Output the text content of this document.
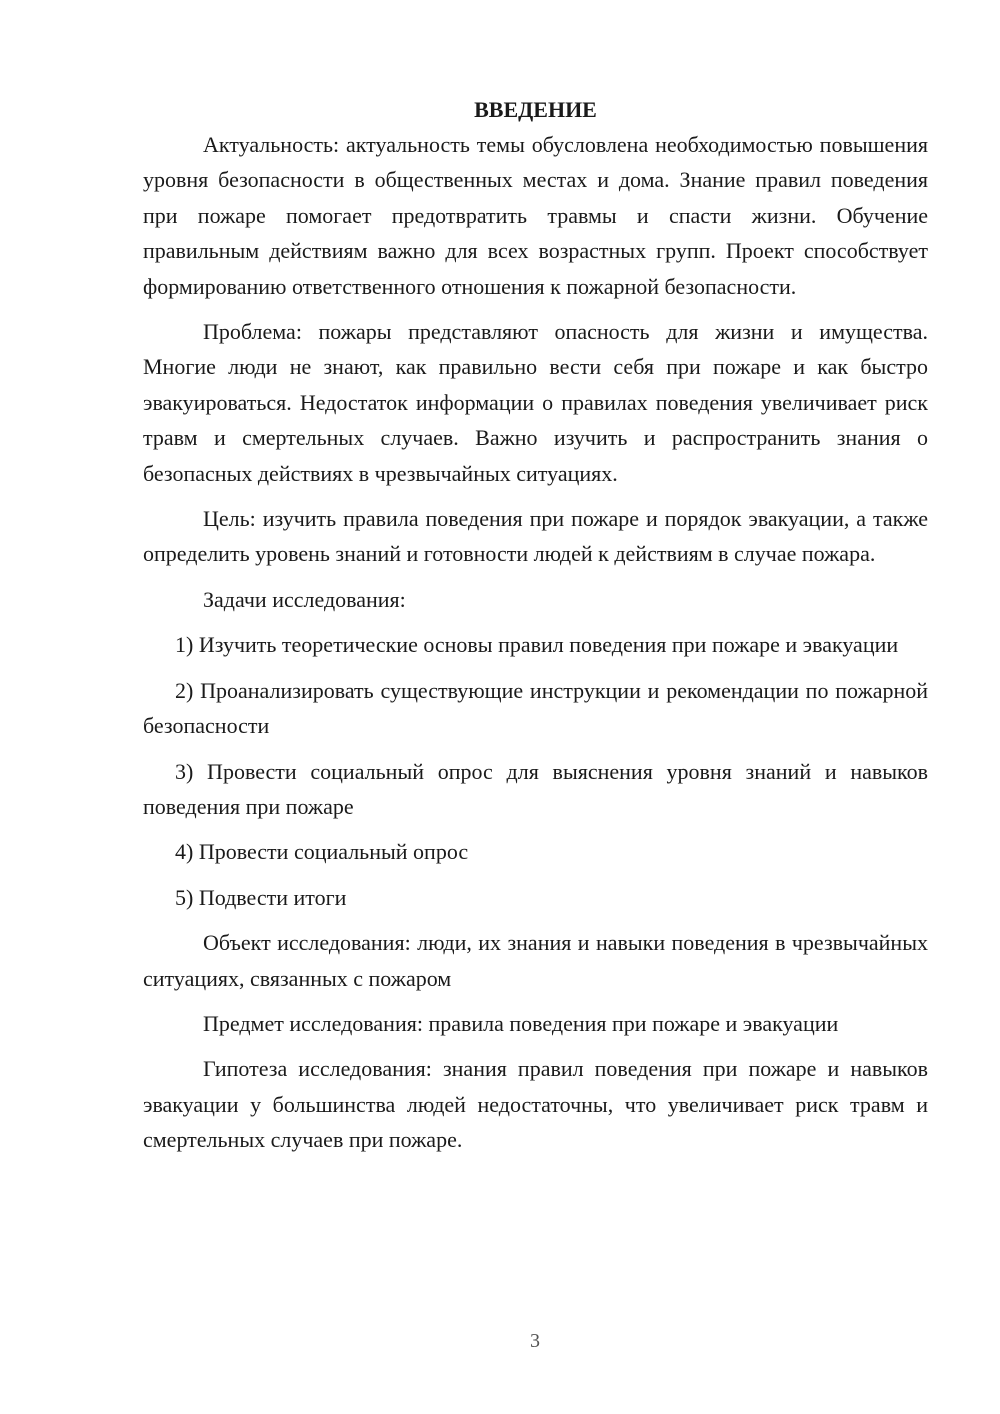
ВВЕДЕНИЕ

Актуальность: актуальность темы обусловлена необходимостью повышения уровня безопасности в общественных местах и дома. Знание правил поведения при пожаре помогает предотвратить травмы и спасти жизни. Обучение правильным действиям важно для всех возрастных групп. Проект способствует формированию ответственного отношения к пожарной безопасности.

Проблема: пожары представляют опасность для жизни и имущества. Многие люди не знают, как правильно вести себя при пожаре и как быстро эвакуироваться. Недостаток информации о правилах поведения увеличивает риск травм и смертельных случаев. Важно изучить и распространить знания о безопасных действиях в чрезвычайных ситуациях.

Цель: изучить правила поведения при пожаре и порядок эвакуации, а также определить уровень знаний и готовности людей к действиям в случае пожара.

Задачи исследования:

1) Изучить теоретические основы правил поведения при пожаре и эвакуации

2) Проанализировать существующие инструкции и рекомендации по пожарной безопасности

3) Провести социальный опрос для выяснения уровня знаний и навыков поведения при пожаре

4) Провести социальный опрос

5) Подвести итоги

Объект исследования: люди, их знания и навыки поведения в чрезвычайных ситуациях, связанных с пожаром

Предмет исследования: правила поведения при пожаре и эвакуации

Гипотеза исследования: знания правил поведения при пожаре и навыков эвакуации у большинства людей недостаточны, что увеличивает риск травм и смертельных случаев при пожаре.

3
